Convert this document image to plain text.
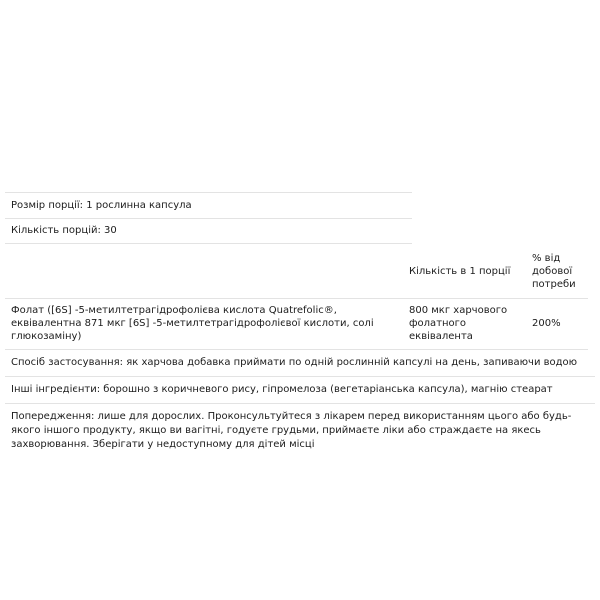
Розмір порції: 1 рослинна капсула
Кількість порцій: 30
Кількість в 1 порції
% від добової потреби
Фолат ([6S] -5-метилтетрагідрофолієва кислота Quatrefolic®, еквівалентна 871 мкг [6S] -5-метилтетрагідрофолієвої кислоти, солі глюкозаміну)
800 мкг харчового фолатного еквівалента
200%
Спосіб застосування: як харчова добавка приймати по одній рослинній капсулі на день, запиваючи водою
Інші інгредієнти: борошно з коричневого рису, гіпромелоза (вегетаріанська капсула), магнію стеарат
Попередження: лише для дорослих. Проконсультуйтеся з лікарем перед використанням цього або будь-якого іншого продукту, якщо ви вагітні, годуєте грудьми, приймаєте ліки або страждаєте на якесь захворювання. Зберігати у недоступному для дітей місці
